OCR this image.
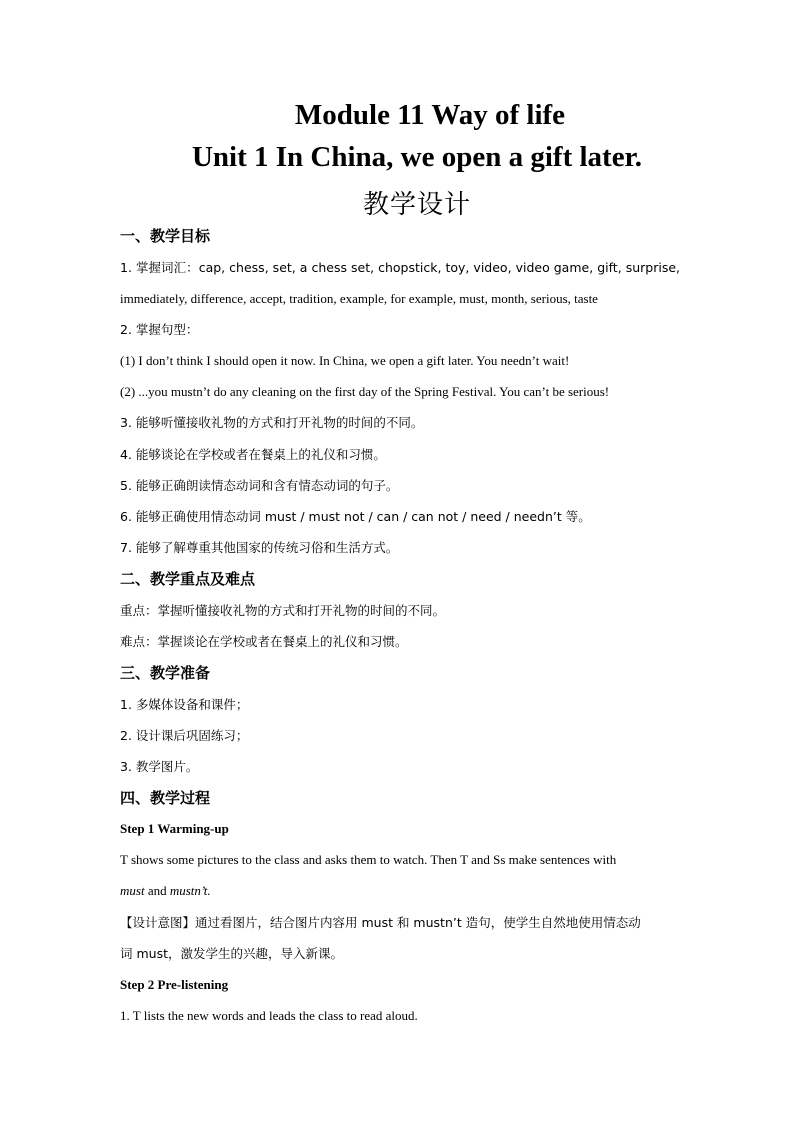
Module 11 Way of life
Unit 1 In China, we open a gift later.
教学设计
一、教学目标
1. 掌握词汇：cap, chess, set, a chess set, chopstick, toy, video, video game, gift, surprise,
immediately, difference, accept, tradition, example, for example, must, month, serious, taste
2. 掌握句型：
(1) I don’t think I should open it now. In China, we open a gift later. You needn’t wait!
(2) ...you mustn’t do any cleaning on the first day of the Spring Festival. You can’t be serious!
3. 能够听懂接收礼物的方式和打开礼物的时间的不同。
4. 能够谈论在学校或者在餐桌上的礼仪和习惯。
5. 能够正确朗读情态动词和含有情态动词的句子。
6. 能够正确使用情态动词 must / must not / can / can not / need / needn’t 等。
7. 能够了解尊重其他国家的传统习俗和生活方式。
二、教学重点及难点
重点：掌握听懂接收礼物的方式和打开礼物的时间的不同。
难点：掌握谈论在学校或者在餐桌上的礼仪和习惯。
三、教学准备
1. 多媒体设备和课件；
2. 设计课后巩固练习；
3. 教学图片。
四、教学过程
Step 1 Warming-up
T shows some pictures to the class and asks them to watch. Then T and Ss make sentences with
must and mustn’t.
【设计意图】通过看图片，结合图片内容用 must 和 mustn’t 造句，使学生自然地使用情态动
词 must，激发学生的兴趣，导入新课。
Step 2 Pre-listening
1. T lists the new words and leads the class to read aloud.
